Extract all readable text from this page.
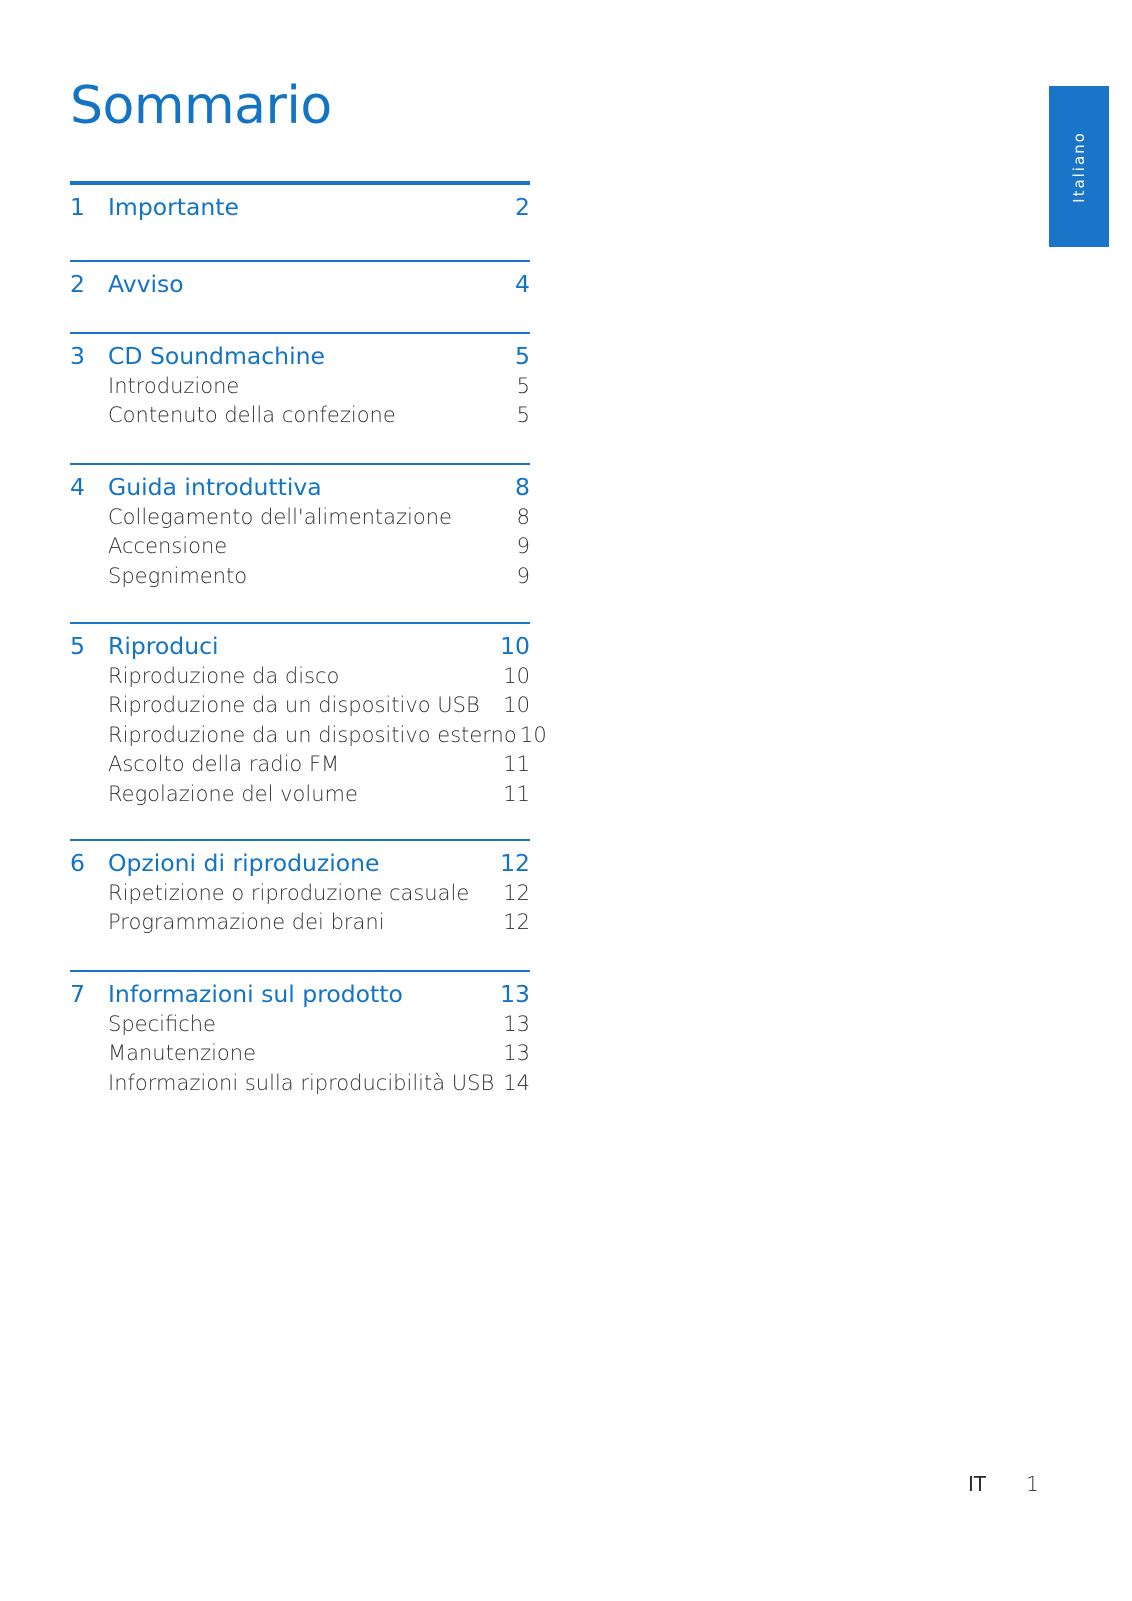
Sommario
Italiano
1 Importante	2
2 Avviso	4
3 CD Soundmachine	5
Introduzione	5
Contenuto della confezione	5
4 Guida introduttiva	8
Collegamento dell'alimentazione	8
Accensione	9
Spegnimento	9
5 Riproduci	10
Riproduzione da disco	10
Riproduzione da un dispositivo USB	10
Riproduzione da un dispositivo esterno 10
Ascolto della radio FM	11
Regolazione del volume	11
6 Opzioni di riproduzione	12
Ripetizione o riproduzione casuale	12
Programmazione dei brani	12
7 Informazioni sul prodotto	13
Specifiche	13
Manutenzione	13
Informazioni sulla riproducibilità USB 14
IT 1
